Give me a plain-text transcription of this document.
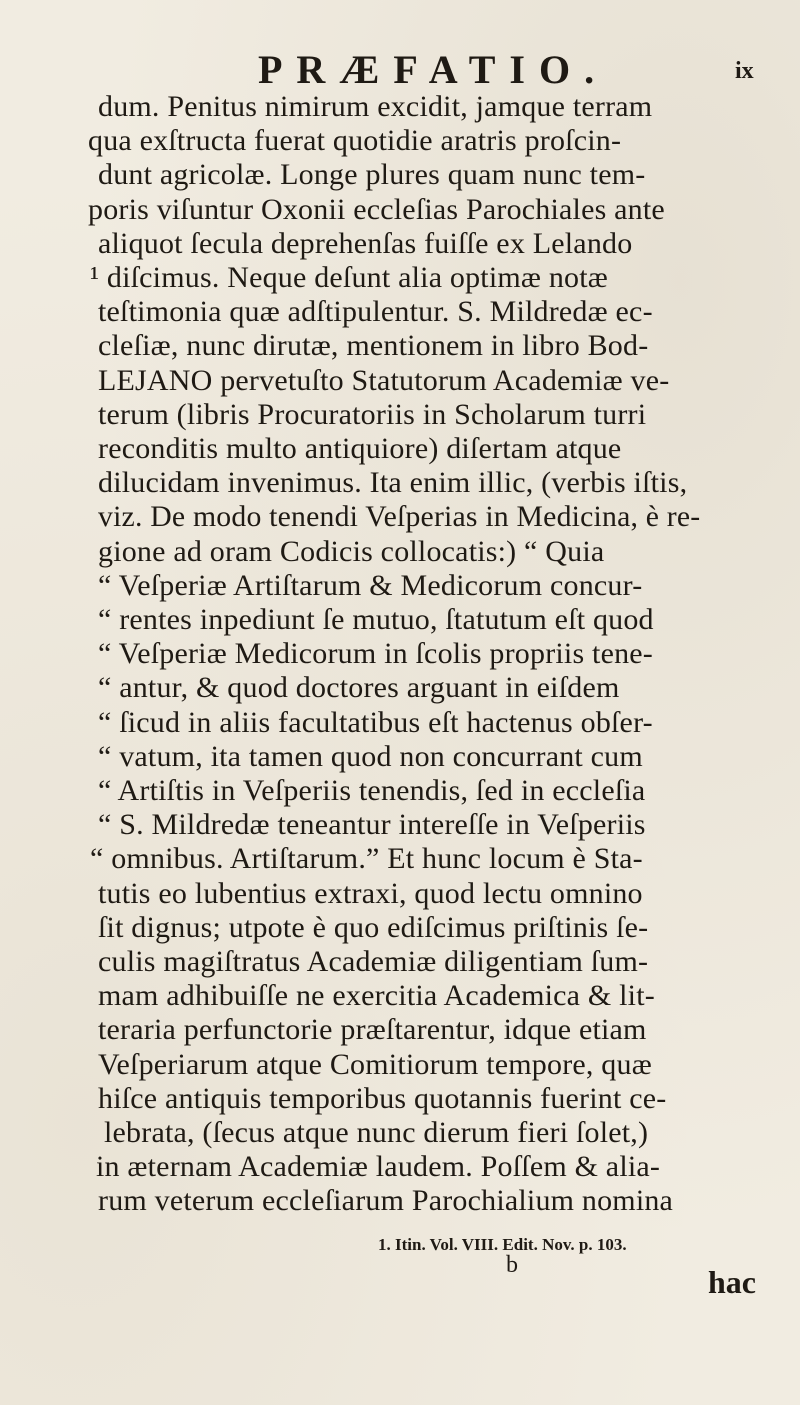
PRÆFATIO.	ix
dum. Penitus nimirum excidit, jamque terram
qua exſtructa fuerat quotidie aratris proſcin-
dunt agricolæ. Longe plures quam nunc tem-
poris viſuntur Oxonii eccleſias Parochiales ante
aliquot ſecula deprehenſas fuiſſe ex Lelando
¹ diſcimus. Neque deſunt alia optimæ notæ
teſtimonia quæ adſtipulentur. S. Mildredæ ec-
cleſiæ, nunc dirutæ, mentionem in libro Bod-
LEJANO pervetuſto Statutorum Academiæ ve-
terum (libris Procuratoriis in Scholarum turri
reconditis multo antiquiore) diſertam atque
dilucidam invenimus. Ita enim illic, (verbis iſtis,
viz. De modo tenendi Veſperias in Medicina, è re-
gione ad oram Codicis collocatis:) “ Quia
“ Veſperiæ Artiſtarum & Medicorum concur-
“ rentes inpediunt ſe mutuo, ſtatutum eſt quod
“ Veſperiæ Medicorum in ſcolis propriis tene-
“ antur, & quod doctores arguant in eiſdem
“ ſicud in aliis facultatibus eſt hactenus obſer-
“ vatum, ita tamen quod non concurrant cum
“ Artiſtis in Veſperiis tenendis, ſed in eccleſia
“ S. Mildredæ teneantur intereſſe in Veſperiis
“ omnibus. Artiſtarum.” Et hunc locum è Sta-
tutis eo lubentius extraxi, quod lectu omnino
ſit dignus; utpote è quo ediſcimus priſtinis ſe-
culis magiſtratus Academiæ diligentiam ſum-
mam adhibuiſſe ne exercitia Academica & lit-
teraria perfunctorie præſtarentur, idque etiam
Veſperiarum atque Comitiorum tempore, quæ
hiſce antiquis temporibus quotannis fuerint ce-
lebrata, (ſecus atque nunc dierum fieri ſolet,)
in æternam Academiæ laudem. Poſſem & alia-
rum veterum eccleſiarum Parochialium nomina
1. Itin. Vol. VIII. Edit. Nov. p. 103.
b	hac
